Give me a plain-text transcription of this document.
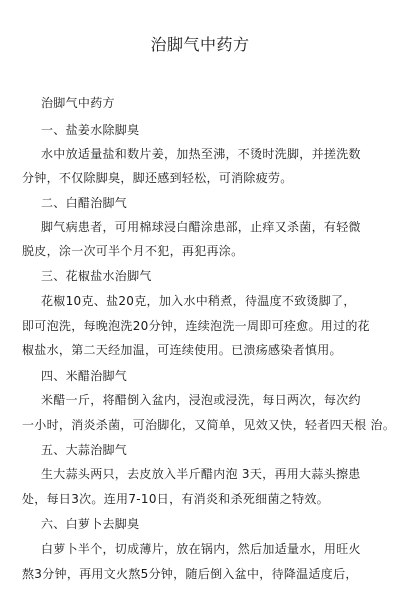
治脚气中药方
治脚气中药方
一、盐姜水除脚臭
水中放适量盐和数片姜，加热至沸，不烫时洗脚，并搓洗数
分钟，不仅除脚臭，脚还感到轻松，可消除疲劳。
二、白醋治脚气
脚气病患者，可用棉球浸白醋涂患部，止痒又杀菌，有轻微
脱皮，涂一次可半个月不犯，再犯再涂。
三、花椒盐水治脚气
花椒10克、盐20克，加入水中稍煮，待温度不致烫脚了，
即可泡洗，每晚泡洗20分钟，连续泡洗一周即可痊愈。用过的花
椒盐水，第二天经加温，可连续使用。已溃疡感染者慎用。
四、米醋治脚气
米醋一斤，将醋倒入盆内，浸泡或浸洗，每日两次，每次约
一小时，消炎杀菌，可治脚化，又简单，见效又快，轻者四天根 治。
五、大蒜治脚气
生大蒜头两只，去皮放入半斤醋内泡 3天，再用大蒜头擦患
处，每日3次。连用7-10日，有消炎和杀死细菌之特效。
六、白萝卜去脚臭
白萝卜半个，切成薄片，放在锅内，然后加适量水，用旺火
熬3分钟，再用文火熬5分钟，随后倒入盆中，待降温适度后，
